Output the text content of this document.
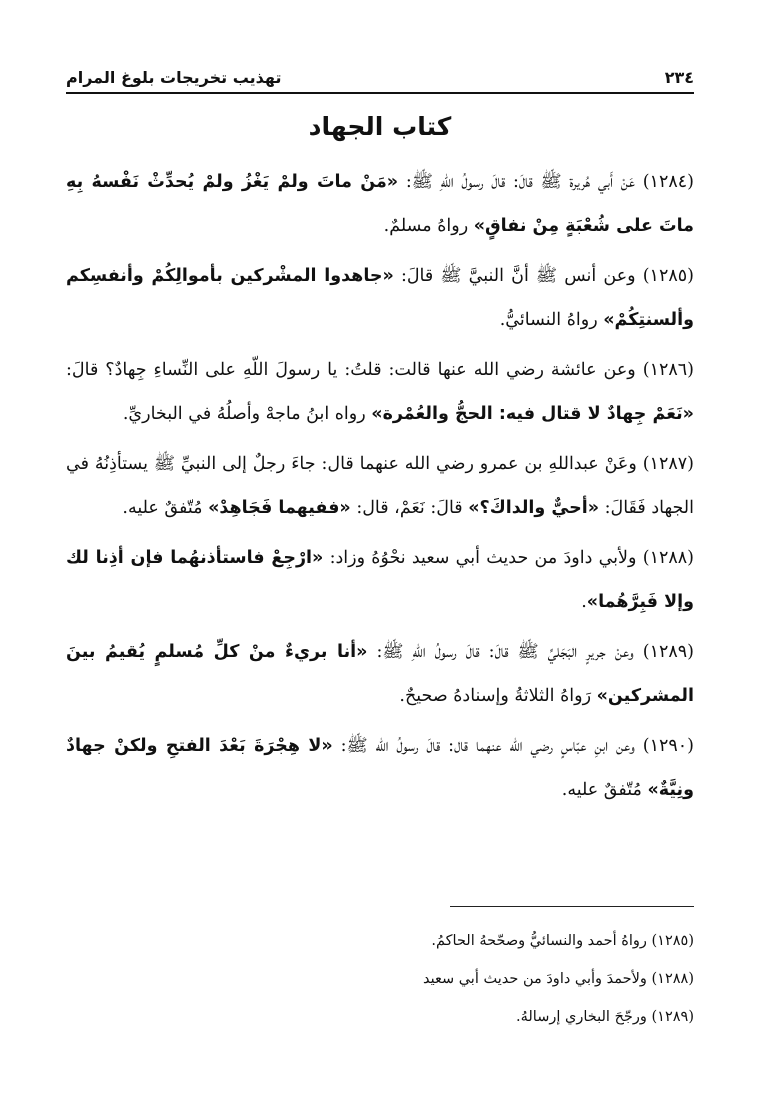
٢٣٤
تهذيب تخريجات بلوغ المرام
كتاب الجهاد

(١٢٨٤) عَنْ أَبي هُريرة ﷺ قالَ: قالَ رسولُ اللهِ ﷺ: «مَنْ ماتَ ولمْ يَغْزُ ولمْ يُحدِّثْ نَفْسهُ بِهِ ماتَ على شُعْبَةٍ مِنْ نفاقٍ» رواهُ مسلمٌ.

(١٢٨٥) وعن أنس ﷺ أنَّ النبيَّ ﷺ قالَ: «جاهدوا المشْركين بأموالِكُمْ وأنفسِكم وألسنتِكُمْ» رواهُ النسائيُّ.

(١٢٨٦) وعن عائشة رضي الله عنها قالت: قلتُ: يا رسولَ اللّهِ على النِّساءِ جِهادٌ؟ قالَ: «نَعَمْ جِهادٌ لا قتال فيه: الحجُّ والعُمْرة» رواه ابنُ ماجهْ وأصلُهُ في البخاريِّ.

(١٢٨٧) وعَنْ عبداللهِ بن عمرو رضي الله عنهما قال: جاءَ رجلٌ إلى النبيِّ ﷺ يستأذِنُهُ في الجهاد فَقَالَ: «أحيٌّ والداكَ؟» قالَ: نَعَمْ، قال: «ففيهما فَجَاهِدْ» مُتّفقٌ عليه.

(١٢٨٨) ولأبي داودَ من حديث أبي سعيد نحْوُهُ وزاد: «ارْجِعْ فاستأذنهُما فإن أذِنا لك وإلا فَبِرَّهُما».

(١٢٨٩) وعنْ جريرٍ البَجَليِّ ﷺ قالَ: قالَ رسولُ اللهِ ﷺ: «أنا بريءٌ منْ كلِّ مُسلمٍ يُقيمُ بينَ المشركين» رَواهُ الثلاثةُ وإسنادهُ صحيحٌ.

(١٢٩٠) وعن ابنِ عبّاسٍ رضي الله عنهما قال: قالَ رسولُ الله ﷺ: «لا هِجْرَةَ بَعْدَ الفتحِ ولكنْ جهادٌ ونِيَّةٌ» مُتّفقٌ عليه.

(١٢٨٥) رواهُ أحمد والنسائيُّ وصحّحهُ الحاكمُ.
(١٢٨٨) ولأحمدَ وأبي داودَ من حديث أبي سعيد
(١٢٨٩) ورجّحَ البخاري إرسالهُ.
